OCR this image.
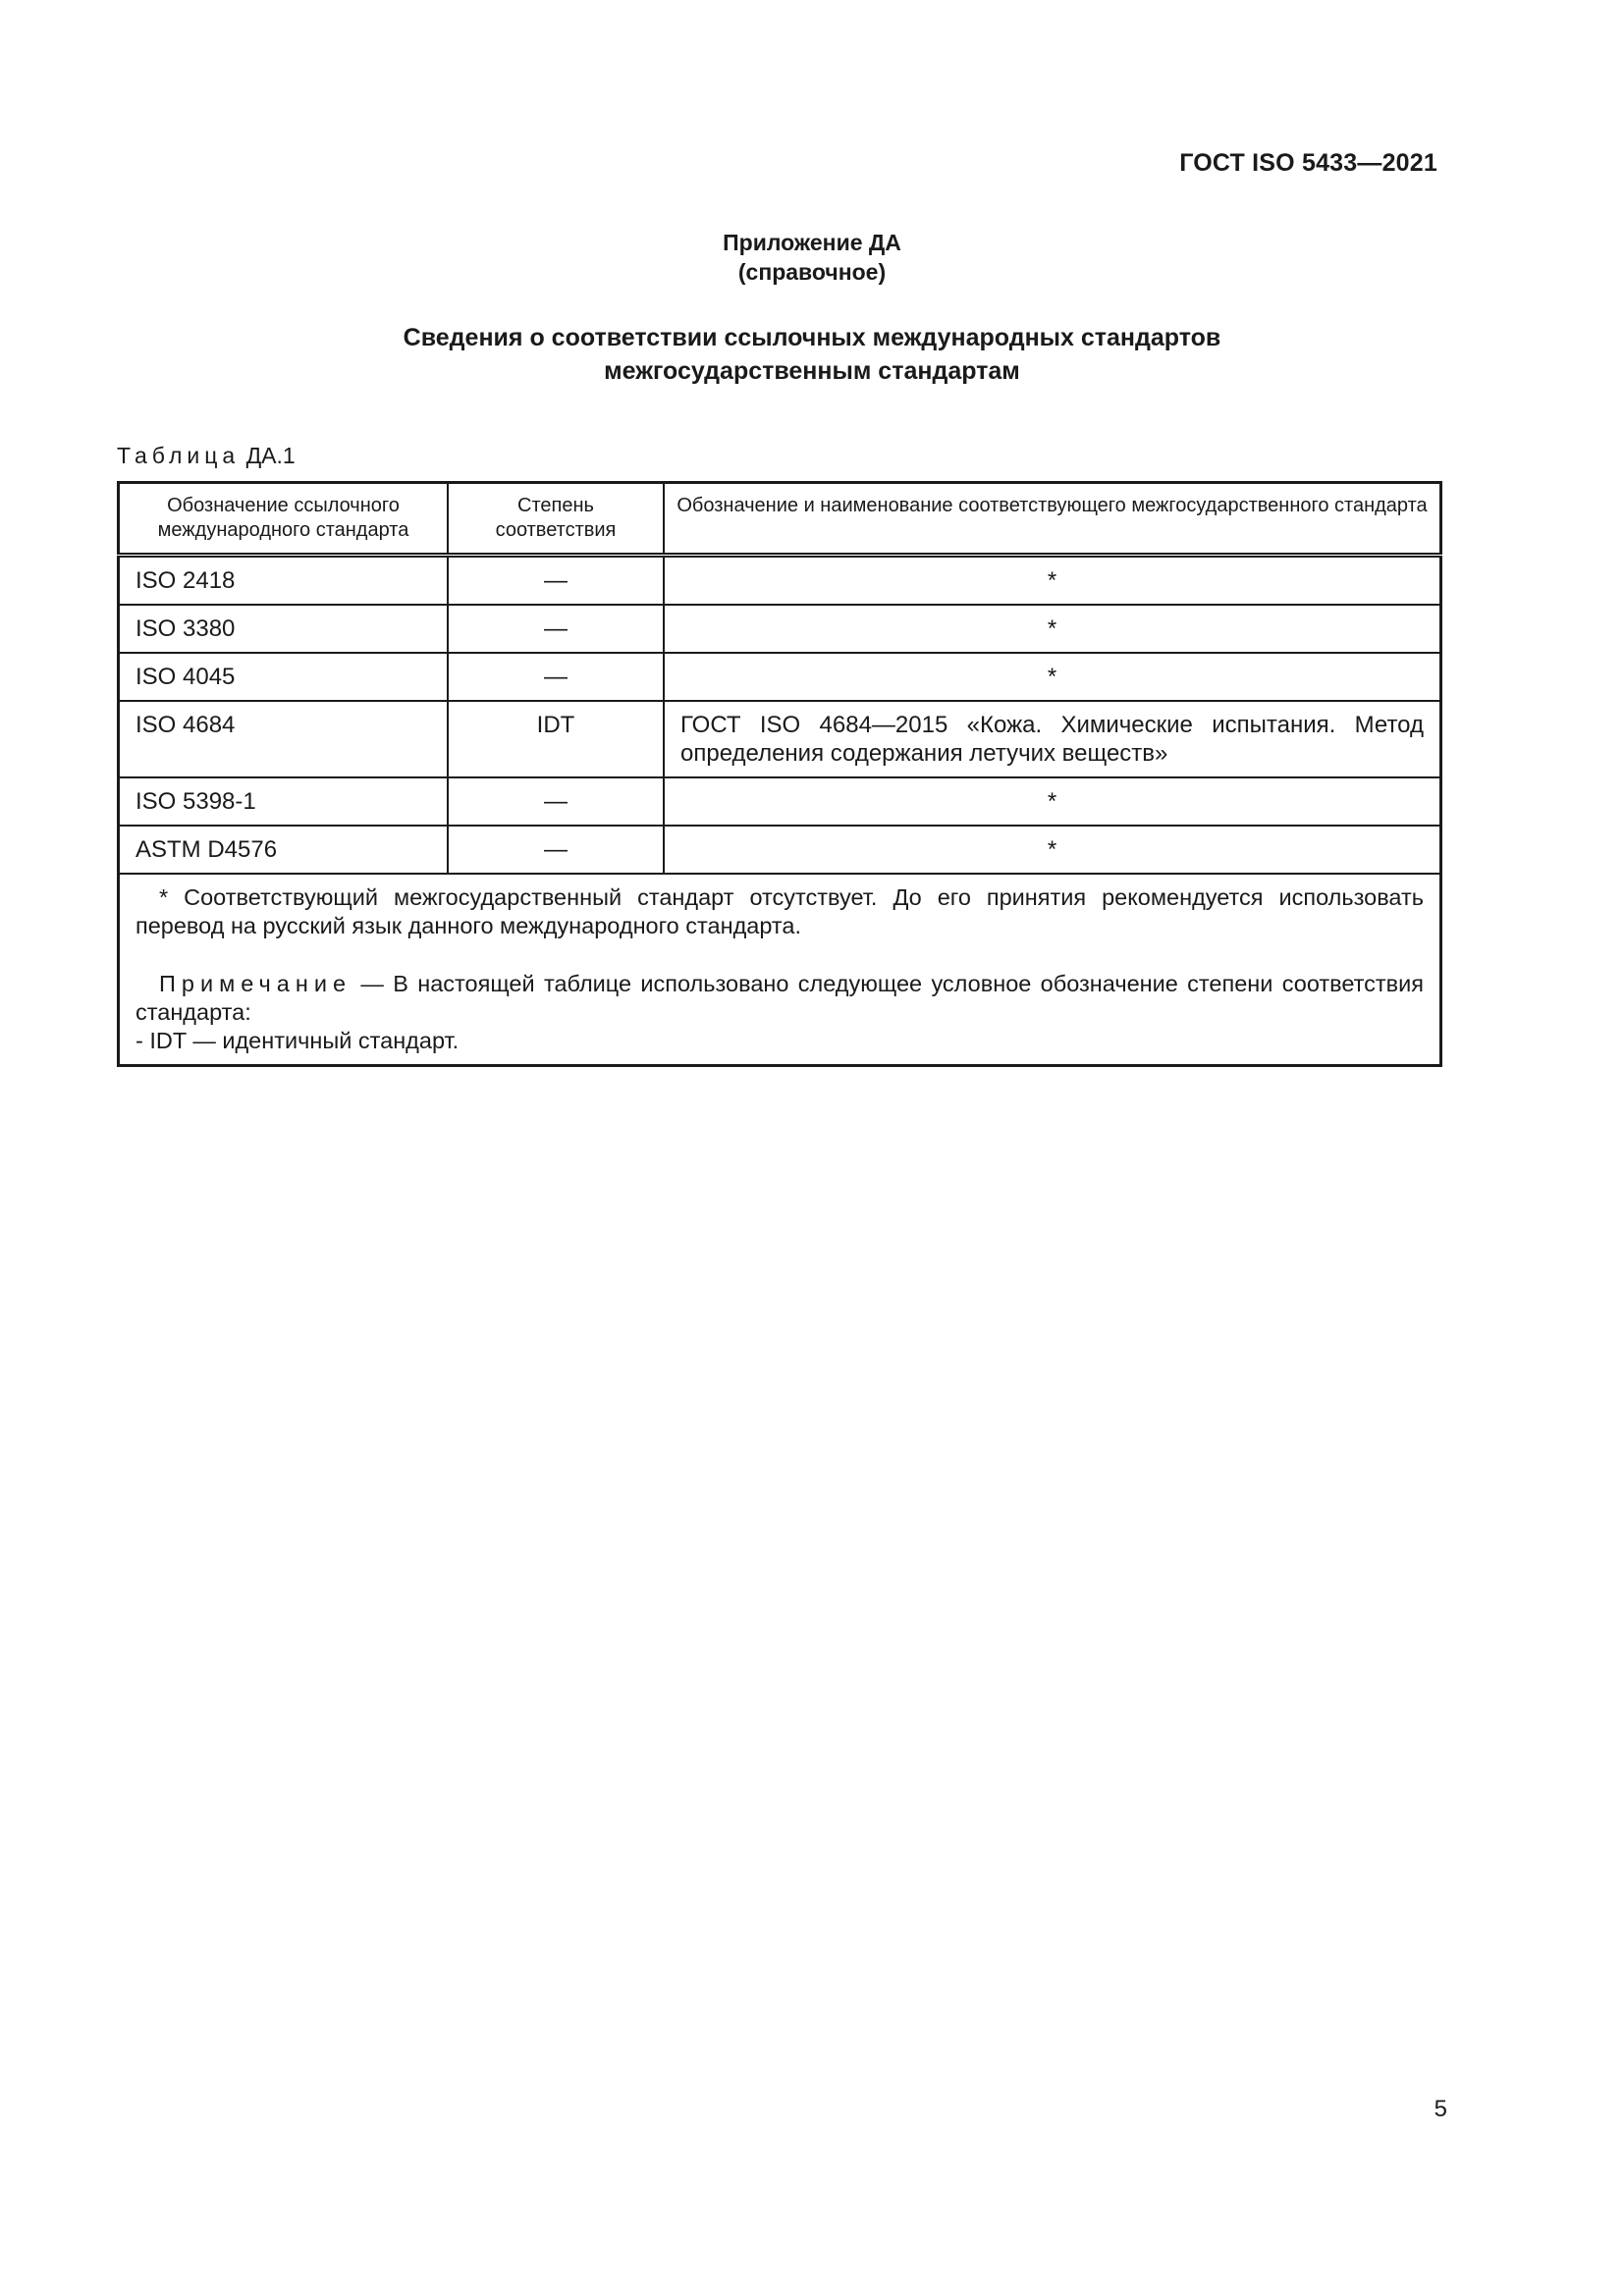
ГОСТ ISO 5433—2021
Приложение ДА
(справочное)
Сведения о соответствии ссылочных международных стандартов
межгосударственным стандартам
Таблица ДА.1
Обозначение ссылочного международного стандарта	Степень соответствия	Обозначение и наименование соответствующего межгосударственного стандарта
ISO 2418	—	*
ISO 3380	—	*
ISO 4045	—	*
ISO 4684	IDT	ГОСТ ISO 4684—2015 «Кожа. Химические испытания. Метод определения содержания летучих веществ»
ISO 5398-1	—	*
ASTM D4576	—	*

* Соответствующий межгосударственный стандарт отсутствует. До его принятия рекомендуется использовать перевод на русский язык данного международного стандарта.

Примечание — В настоящей таблице использовано следующее условное обозначение степени соответствия стандарта:

- IDT — идентичный стандарт.		

5
